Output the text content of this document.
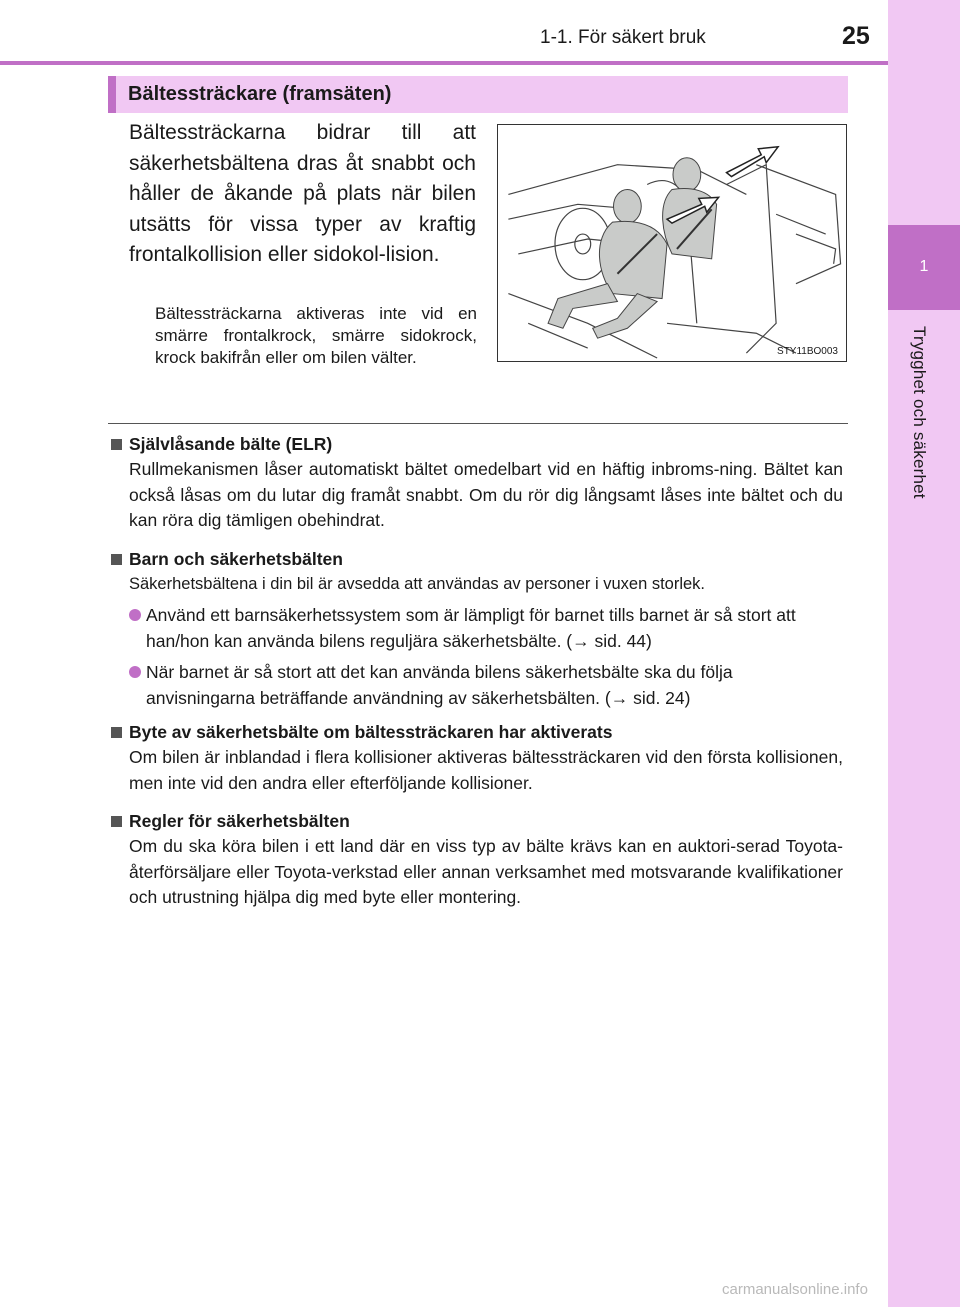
1
Trygghet och säkerhet
1-1. För säkert bruk	25
Bältessträckare (framsäten)
Bältessträckarna bidrar till att säkerhetsbältena dras åt snabbt och håller de åkande på plats när bilen utsätts för vissa typer av kraftig frontalkollision eller sidokol-lision.
Bältessträckarna aktiveras inte vid en smärre frontalkrock, smärre sidokrock, krock bakifrån eller om bilen välter.	STY11BO003
Självlåsande bälte (ELR)
Rullmekanismen låser automatiskt bältet omedelbart vid en häftig inbroms-ning. Bältet kan också låsas om du lutar dig framåt snabbt. Om du rör dig långsamt låses inte bältet och du kan röra dig tämligen obehindrat.
Barn och säkerhetsbälten
Säkerhetsbältena i din bil är avsedda att användas av personer i vuxen storlek.
Använd ett barnsäkerhetssystem som är lämpligt för barnet tills barnet är så stort att han/hon kan använda bilens reguljära säkerhetsbälte. (→ sid. 44)
När barnet är så stort att det kan använda bilens säkerhetsbälte ska du följa anvisningarna beträffande användning av säkerhetsbälten. (→ sid. 24)
Byte av säkerhetsbälte om bältessträckaren har aktiverats
Om bilen är inblandad i flera kollisioner aktiveras bältessträckaren vid den första kollisionen, men inte vid den andra eller efterföljande kollisioner.
Regler för säkerhetsbälten
Om du ska köra bilen i ett land där en viss typ av bälte krävs kan en auktori-serad Toyota-återförsäljare eller Toyota-verkstad eller annan verksamhet med motsvarande kvalifikationer och utrustning hjälpa dig med byte eller montering.
carmanualsonline.info
